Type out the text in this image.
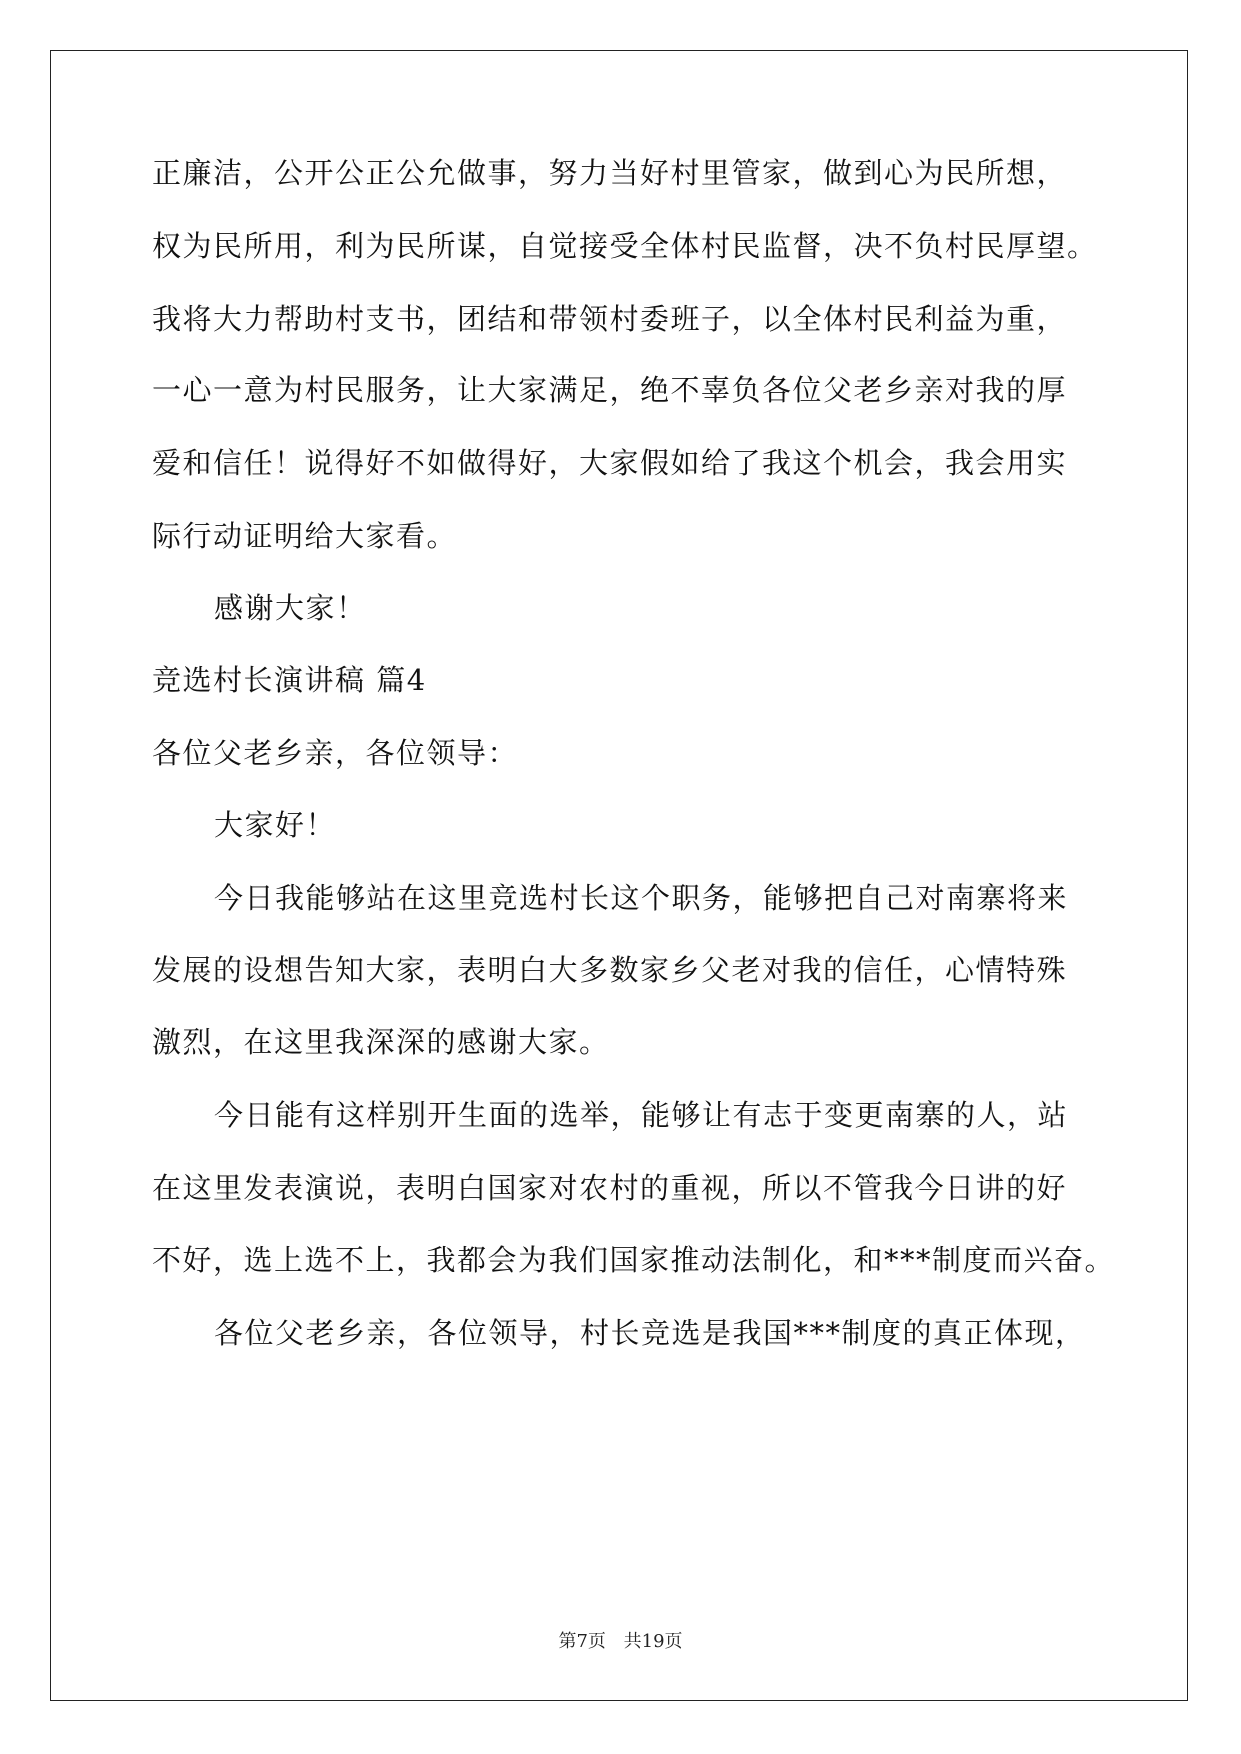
正廉洁，公开公正公允做事，努力当好村里管家，做到心为民所想，
权为民所用，利为民所谋，自觉接受全体村民监督，决不负村民厚望。
我将大力帮助村支书，团结和带领村委班子，以全体村民利益为重，
一心一意为村民服务，让大家满足，绝不辜负各位父老乡亲对我的厚
爱和信任！说得好不如做得好，大家假如给了我这个机会，我会用实
际行动证明给大家看。
感谢大家！
竞选村长演讲稿 篇4
各位父老乡亲，各位领导：
大家好！
今日我能够站在这里竞选村长这个职务，能够把自己对南寨将来
发展的设想告知大家，表明白大多数家乡父老对我的信任，心情特殊
激烈，在这里我深深的感谢大家。
今日能有这样别开生面的选举，能够让有志于变更南寨的人，站
在这里发表演说，表明白国家对农村的重视，所以不管我今日讲的好
不好，选上选不上，我都会为我们国家推动法制化，和***制度而兴奋。
各位父老乡亲，各位领导，村长竞选是我国***制度的真正体现，
第7页 共19页
